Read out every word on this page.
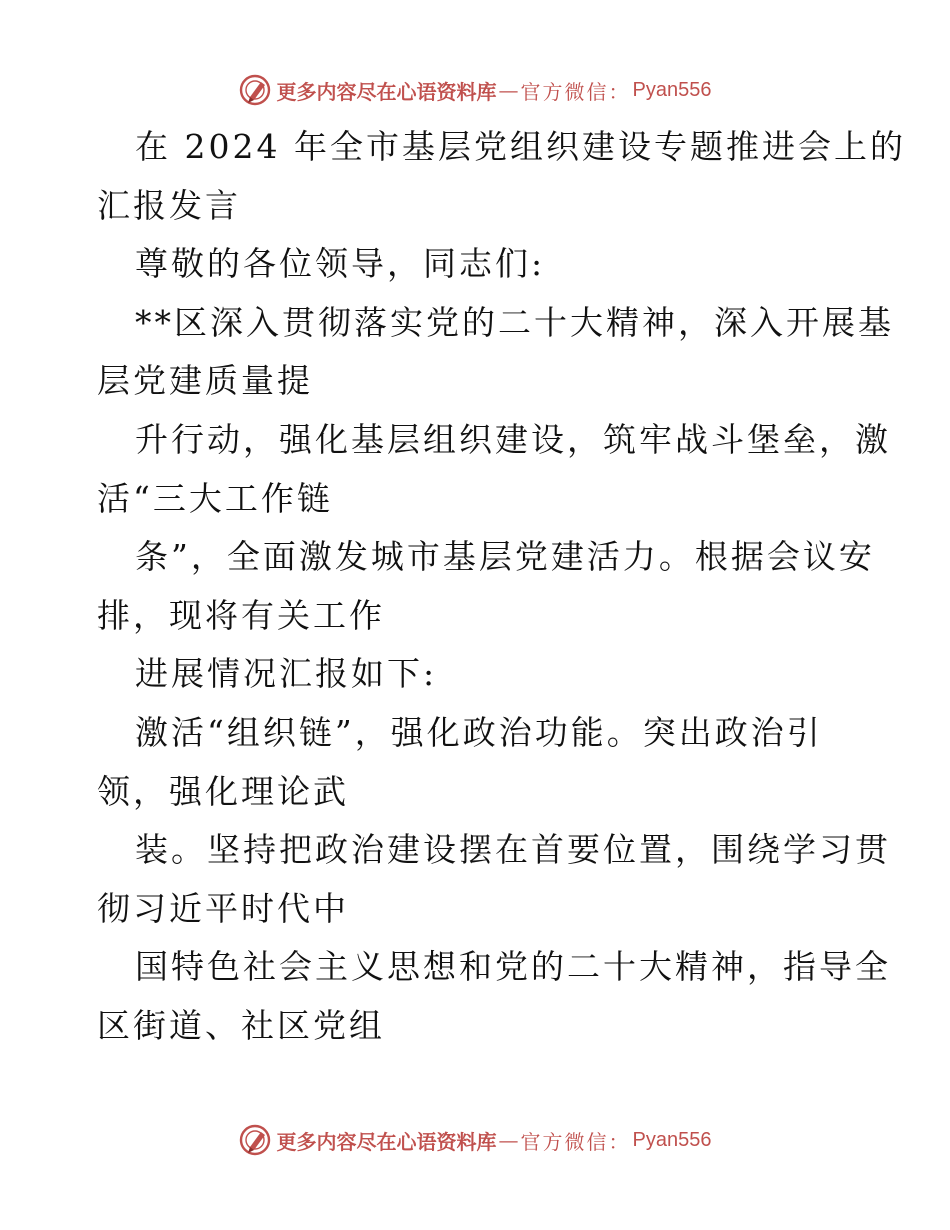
更多内容尽在心语资料库 — 官方微信： Pyan556

在 2024 年全市基层党组织建设专题推进会上的

汇报发言

尊敬的各位领导，同志们:

**区深入贯彻落实党的二十大精神，深入开展基

层党建质量提

升行动，强化基层组织建设，筑牢战斗堡垒，激

活“三大工作链

条”，全面激发城市基层党建活力。根据会议安

排，现将有关工作

进展情况汇报如下:

激活“组织链”，强化政治功能。突出政治引

领，强化理论武

装。坚持把政治建设摆在首要位置，围绕学习贯

彻习近平时代中

国特色社会主义思想和党的二十大精神，指导全

区街道、社区党组

更多内容尽在心语资料库 — 官方微信： Pyan556
